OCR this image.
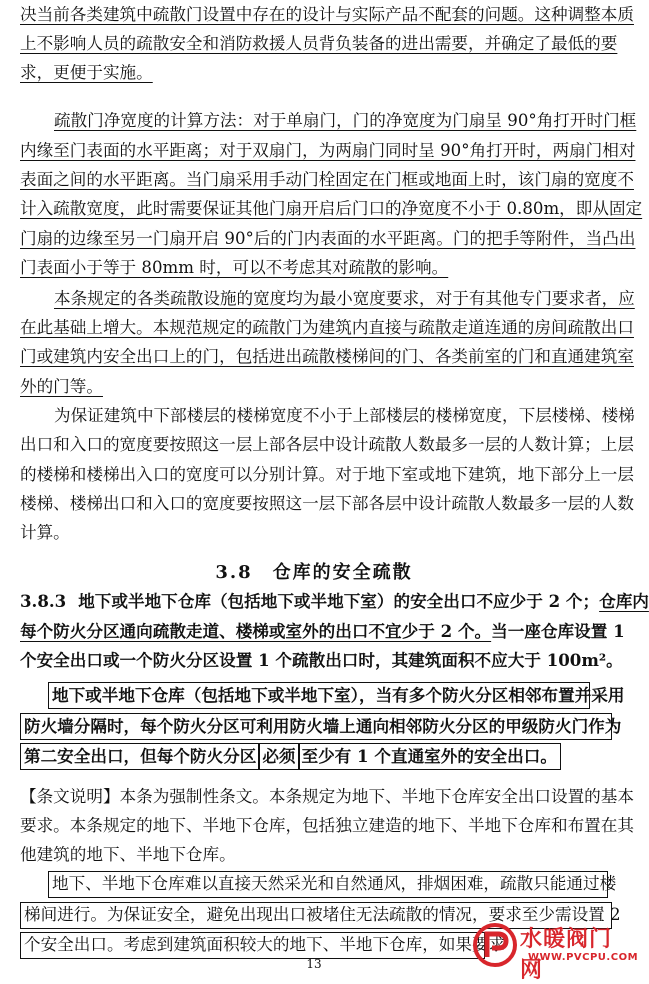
决当前各类建筑中疏散门设置中存在的设计与实际产品不配套的问题。这种调整本质
上不影响人员的疏散安全和消防救援人员背负装备的进出需要，并确定了最低的要
求，更便于实施。
疏散门净宽度的计算方法：对于单扇门，门的净宽度为门扇呈 90°角打开时门框
内缘至门表面的水平距离；对于双扇门，为两扇门同时呈 90°角打开时，两扇门相对
表面之间的水平距离。当门扇采用手动门栓固定在门框或地面上时，该门扇的宽度不
计入疏散宽度，此时需要保证其他门扇开启后门口的净宽度不小于 0.80m，即从固定
门扇的边缘至另一门扇开启 90°后的门内表面的水平距离。门的把手等附件，当凸出
门表面小于等于 80mm 时，可以不考虑其对疏散的影响。
本条规定的各类疏散设施的宽度均为最小宽度要求，对于有其他专门要求者，应
在此基础上增大。本规范规定的疏散门为建筑内直接与疏散走道连通的房间疏散出口
门或建筑内安全出口上的门，包括进出疏散楼梯间的门、各类前室的门和直通建筑室
外的门等。
为保证建筑中下部楼层的楼梯宽度不小于上部楼层的楼梯宽度，下层楼梯、楼梯
出口和入口的宽度要按照这一层上部各层中设计疏散人数最多一层的人数计算；上层
的楼梯和楼梯出入口的宽度可以分别计算。对于地下室或地下建筑，地下部分上一层
楼梯、楼梯出口和入口的宽度要按照这一层下部各层中设计疏散人数最多一层的人数
计算。
3.8　仓库的安全疏散
3.8.3 地下或半地下仓库（包括地下或半地下室）的安全出口不应少于 2 个；仓库内
每个防火分区通向疏散走道、楼梯或室外的出口不宜少于 2 个。当一座仓库设置 1
个安全出口或一个防火分区设置 1 个疏散出口时，其建筑面积不应大于 100m²。
地下或半地下仓库（包括地下或半地下室），当有多个防火分区相邻布置并采用
防火墙分隔时，每个防火分区可利用防火墙上通向相邻防火分区的甲级防火门作为
第二安全出口，但每个防火分区 必须 至少有 1 个直通室外的安全出口。
【条文说明】本条为强制性条文。本条规定为地下、半地下仓库安全出口设置的基本
要求。本条规定的地下、半地下仓库，包括独立建造的地下、半地下仓库和布置在其
他建筑的地下、半地下仓库。
地下、半地下仓库难以直接天然采光和自然通风，排烟困难，疏散只能通过楼
梯间进行。为保证安全，避免出现出口被堵住无法疏散的情况，要求至少需设置 2
个安全出口。考虑到建筑面积较大的地下、半地下仓库，如果要求
13
水暖阀门网
WWW.PVCPU.COM
